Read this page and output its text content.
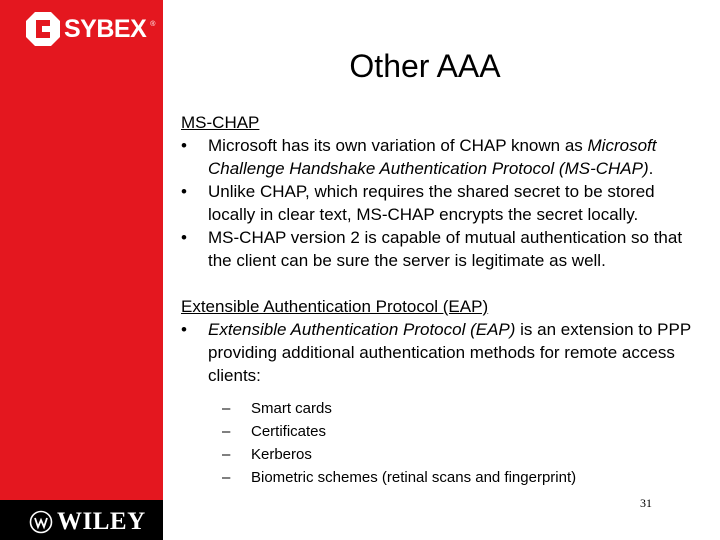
SYBEX ®
WILEY
Other AAA
MS-CHAP
•	Microsoft has its own variation of CHAP known as Microsoft Challenge Handshake Authentication Protocol (MS-CHAP).
•	Unlike CHAP, which requires the shared secret to be stored locally in clear text, MS-CHAP encrypts the secret locally.
•	MS-CHAP version 2 is capable of mutual authentication so that the client can be sure the server is legitimate as well.
Extensible Authentication Protocol (EAP)
•	Extensible Authentication Protocol (EAP) is an extension to PPP providing additional authentication methods for remote access clients:
–	Smart cards
–	Certificates
–	Kerberos
–	Biometric schemes (retinal scans and fingerprint)
31
